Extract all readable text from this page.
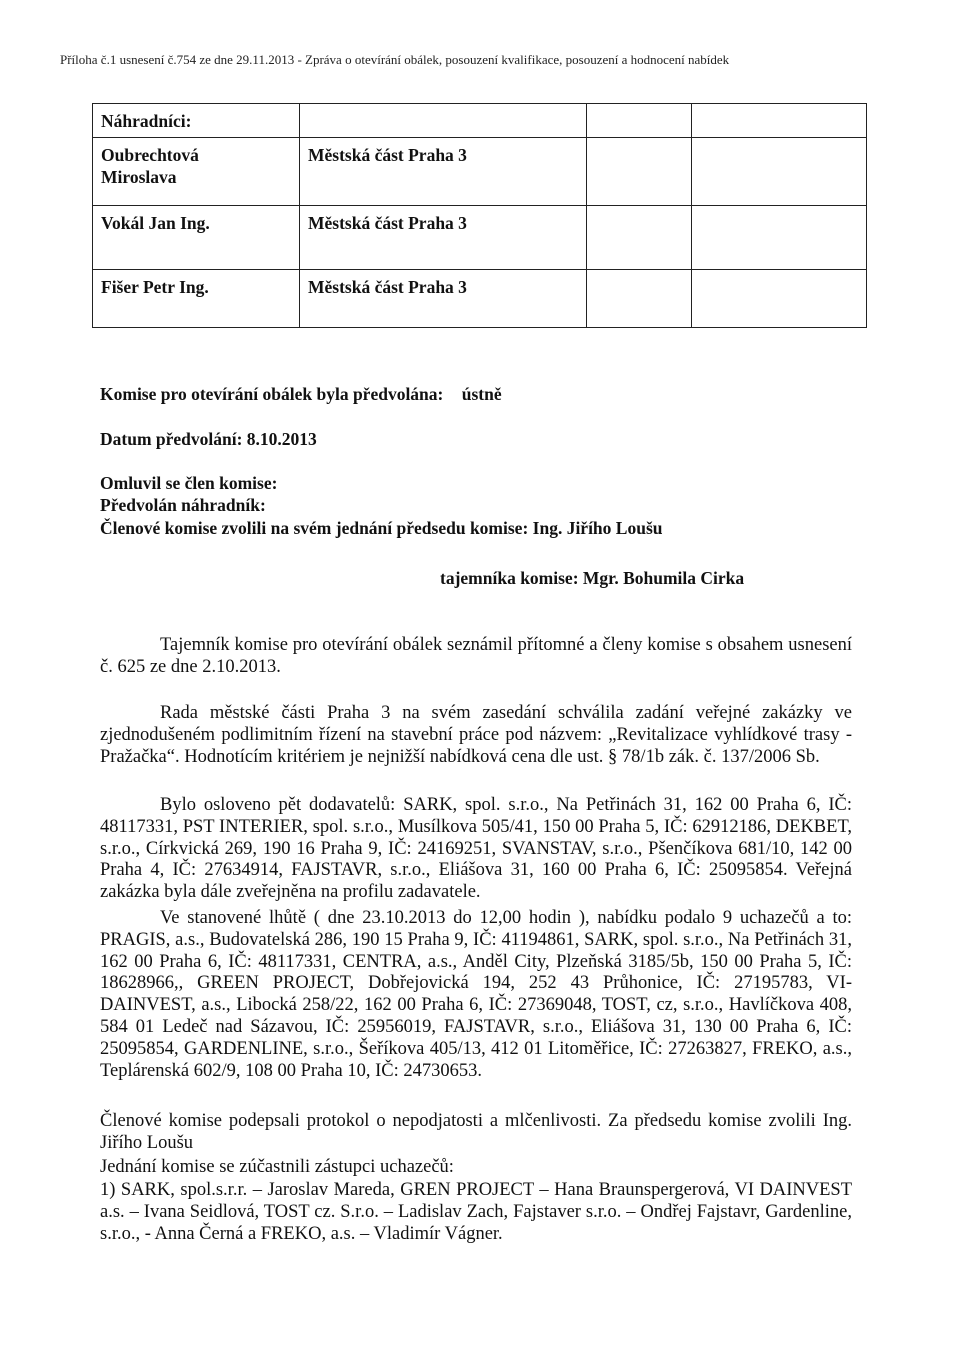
Příloha č.1 usnesení č.754 ze dne 29.11.2013 - Zpráva o otevírání obálek, posouzení kvalifikace, posouzení a hodnocení nabídek
Náhradníci:			

Oubrechtová
Miroslava	Městská část Praha 3		
Vokál Jan Ing.	Městská část Praha 3		
Fišer Petr Ing.	Městská část Praha 3		
Komise pro otevírání obálek byla předvolána: ústně
Datum předvolání: 8.10.2013
Omluvil se člen komise:
Předvolán náhradník:
Členové komise zvolili na svém jednání předsedu komise: Ing. Jiřího Loušu
tajemníka komise: Mgr. Bohumila Cirka
Tajemník komise pro otevírání obálek seznámil přítomné a členy komise s obsahem usnesení č. 625 ze dne 2.10.2013.
Rada městské části Praha 3 na svém zasedání schválila zadání veřejné zakázky ve zjednodušeném podlimitním řízení na stavební práce pod názvem: „Revitalizace vyhlídkové trasy - Pražačka“. Hodnotícím kritériem je nejnižší nabídková cena dle ust. § 78/1b zák. č. 137/2006 Sb.
Bylo osloveno pět dodavatelů: SARK, spol. s.r.o., Na Petřinách 31, 162 00 Praha 6, IČ: 48117331, PST INTERIER, spol. s.r.o., Musílkova 505/41, 150 00 Praha 5, IČ: 62912186, DEKBET, s.r.o., Církvická 269, 190 16 Praha 9, IČ: 24169251, SVANSTAV, s.r.o., Pšenčíkova 681/10, 142 00 Praha 4, IČ: 27634914, FAJSTAVR, s.r.o., Eliášova 31, 160 00 Praha 6, IČ: 25095854. Veřejná zakázka byla dále zveřejněna na profilu zadavatele.
Ve stanovené lhůtě ( dne 23.10.2013 do 12,00 hodin ), nabídku podalo 9 uchazečů a to: PRAGIS, a.s., Budovatelská 286, 190 15 Praha 9, IČ: 41194861, SARK, spol. s.r.o., Na Petřinách 31, 162 00 Praha 6, IČ: 48117331, CENTRA, a.s., Anděl City, Plzeňská 3185/5b, 150 00 Praha 5, IČ: 18628966,, GREEN PROJECT, Dobřejovická 194, 252 43 Průhonice, IČ: 27195783, VI-DAINVEST, a.s., Libocká 258/22, 162 00 Praha 6, IČ: 27369048, TOST, cz, s.r.o., Havlíčkova 408, 584 01 Ledeč nad Sázavou, IČ: 25956019, FAJSTAVR, s.r.o., Eliášova 31, 130 00 Praha 6, IČ: 25095854, GARDENLINE, s.r.o., Šeříkova 405/13, 412 01 Litoměřice, IČ: 27263827, FREKO, a.s., Teplárenská 602/9, 108 00 Praha 10, IČ: 24730653.
Členové komise podepsali protokol o nepodjatosti a mlčenlivosti. Za předsedu komise zvolili Ing. Jiřího Loušu
Jednání komise se zúčastnili zástupci uchazečů:
1) SARK, spol.s.r.r. – Jaroslav Mareda, GREN PROJECT – Hana Braunspergerová, VI DAINVEST a.s. – Ivana Seidlová, TOST cz. S.r.o. – Ladislav Zach, Fajstaver s.r.o. – Ondřej Fajstavr, Gardenline, s.r.o., - Anna Černá a FREKO, a.s. – Vladimír Vágner.
